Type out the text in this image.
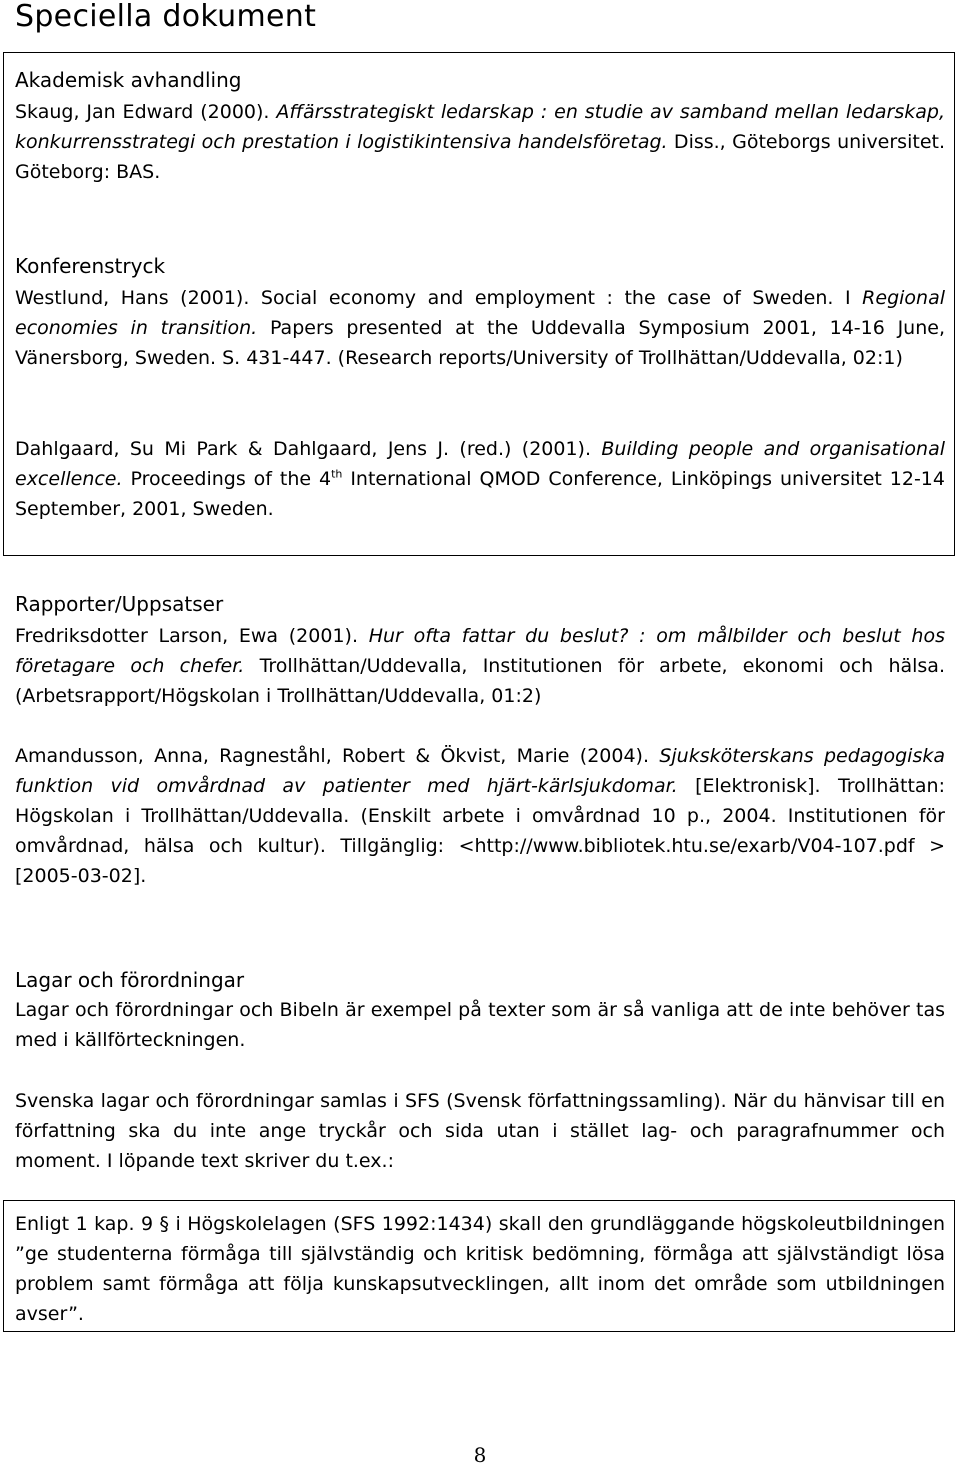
Speciella dokument
Akademisk avhandling

Skaug, Jan Edward (2000). Affärsstrategiskt ledarskap : en studie av samband mellan ledarskap, konkurrensstrategi och prestation i logistikintensiva handelsföretag. Diss., Göteborgs universitet. Göteborg: BAS.

Konferenstryck

Westlund, Hans (2001). Social economy and employment : the case of Sweden. I Regional economies in transition. Papers presented at the Uddevalla Symposium 2001, 14-16 June, Vänersborg, Sweden. S. 431-447. (Research reports/University of Trollhättan/Uddevalla, 02:1)

Dahlgaard, Su Mi Park & Dahlgaard, Jens J. (red.) (2001). Building people and organisational excellence. Proceedings of the 4th International QMOD Conference, Linköpings universitet 12-14 September, 2001, Sweden.

Rapporter/Uppsatser

Fredriksdotter Larson, Ewa (2001). Hur ofta fattar du beslut? : om målbilder och beslut hos företagare och chefer. Trollhättan/Uddevalla, Institutionen för arbete, ekonomi och hälsa. (Arbetsrapport/Högskolan i Trollhättan/Uddevalla, 01:2)

Amandusson, Anna, Ragneståhl, Robert & Ökvist, Marie (2004). Sjuksköterskans pedagogiska funktion vid omvårdnad av patienter med hjärt-kärlsjukdomar. [Elektronisk]. Trollhättan: Högskolan i Trollhättan/Uddevalla. (Enskilt arbete i omvårdnad 10 p., 2004. Institutionen för omvårdnad, hälsa och kultur). Tillgänglig: <http://www.bibliotek.htu.se/exarb/V04-107.pdf > [2005-03-02].

Lagar och förordningar

Lagar och förordningar och Bibeln är exempel på texter som är så vanliga att de inte behöver tas med i källförteckningen.

Svenska lagar och förordningar samlas i SFS (Svensk författningssamling). När du hänvisar till en författning ska du inte ange tryckår och sida utan i stället lag- och paragrafnummer och moment. I löpande text skriver du t.ex.:

Enligt 1 kap. 9 § i Högskolelagen (SFS 1992:1434) skall den grundläggande högskoleutbildningen ”ge studenterna förmåga till självständig och kritisk bedömning, förmåga att självständigt lösa problem samt förmåga att följa kunskapsutvecklingen, allt inom det område som utbildningen avser”.

8
